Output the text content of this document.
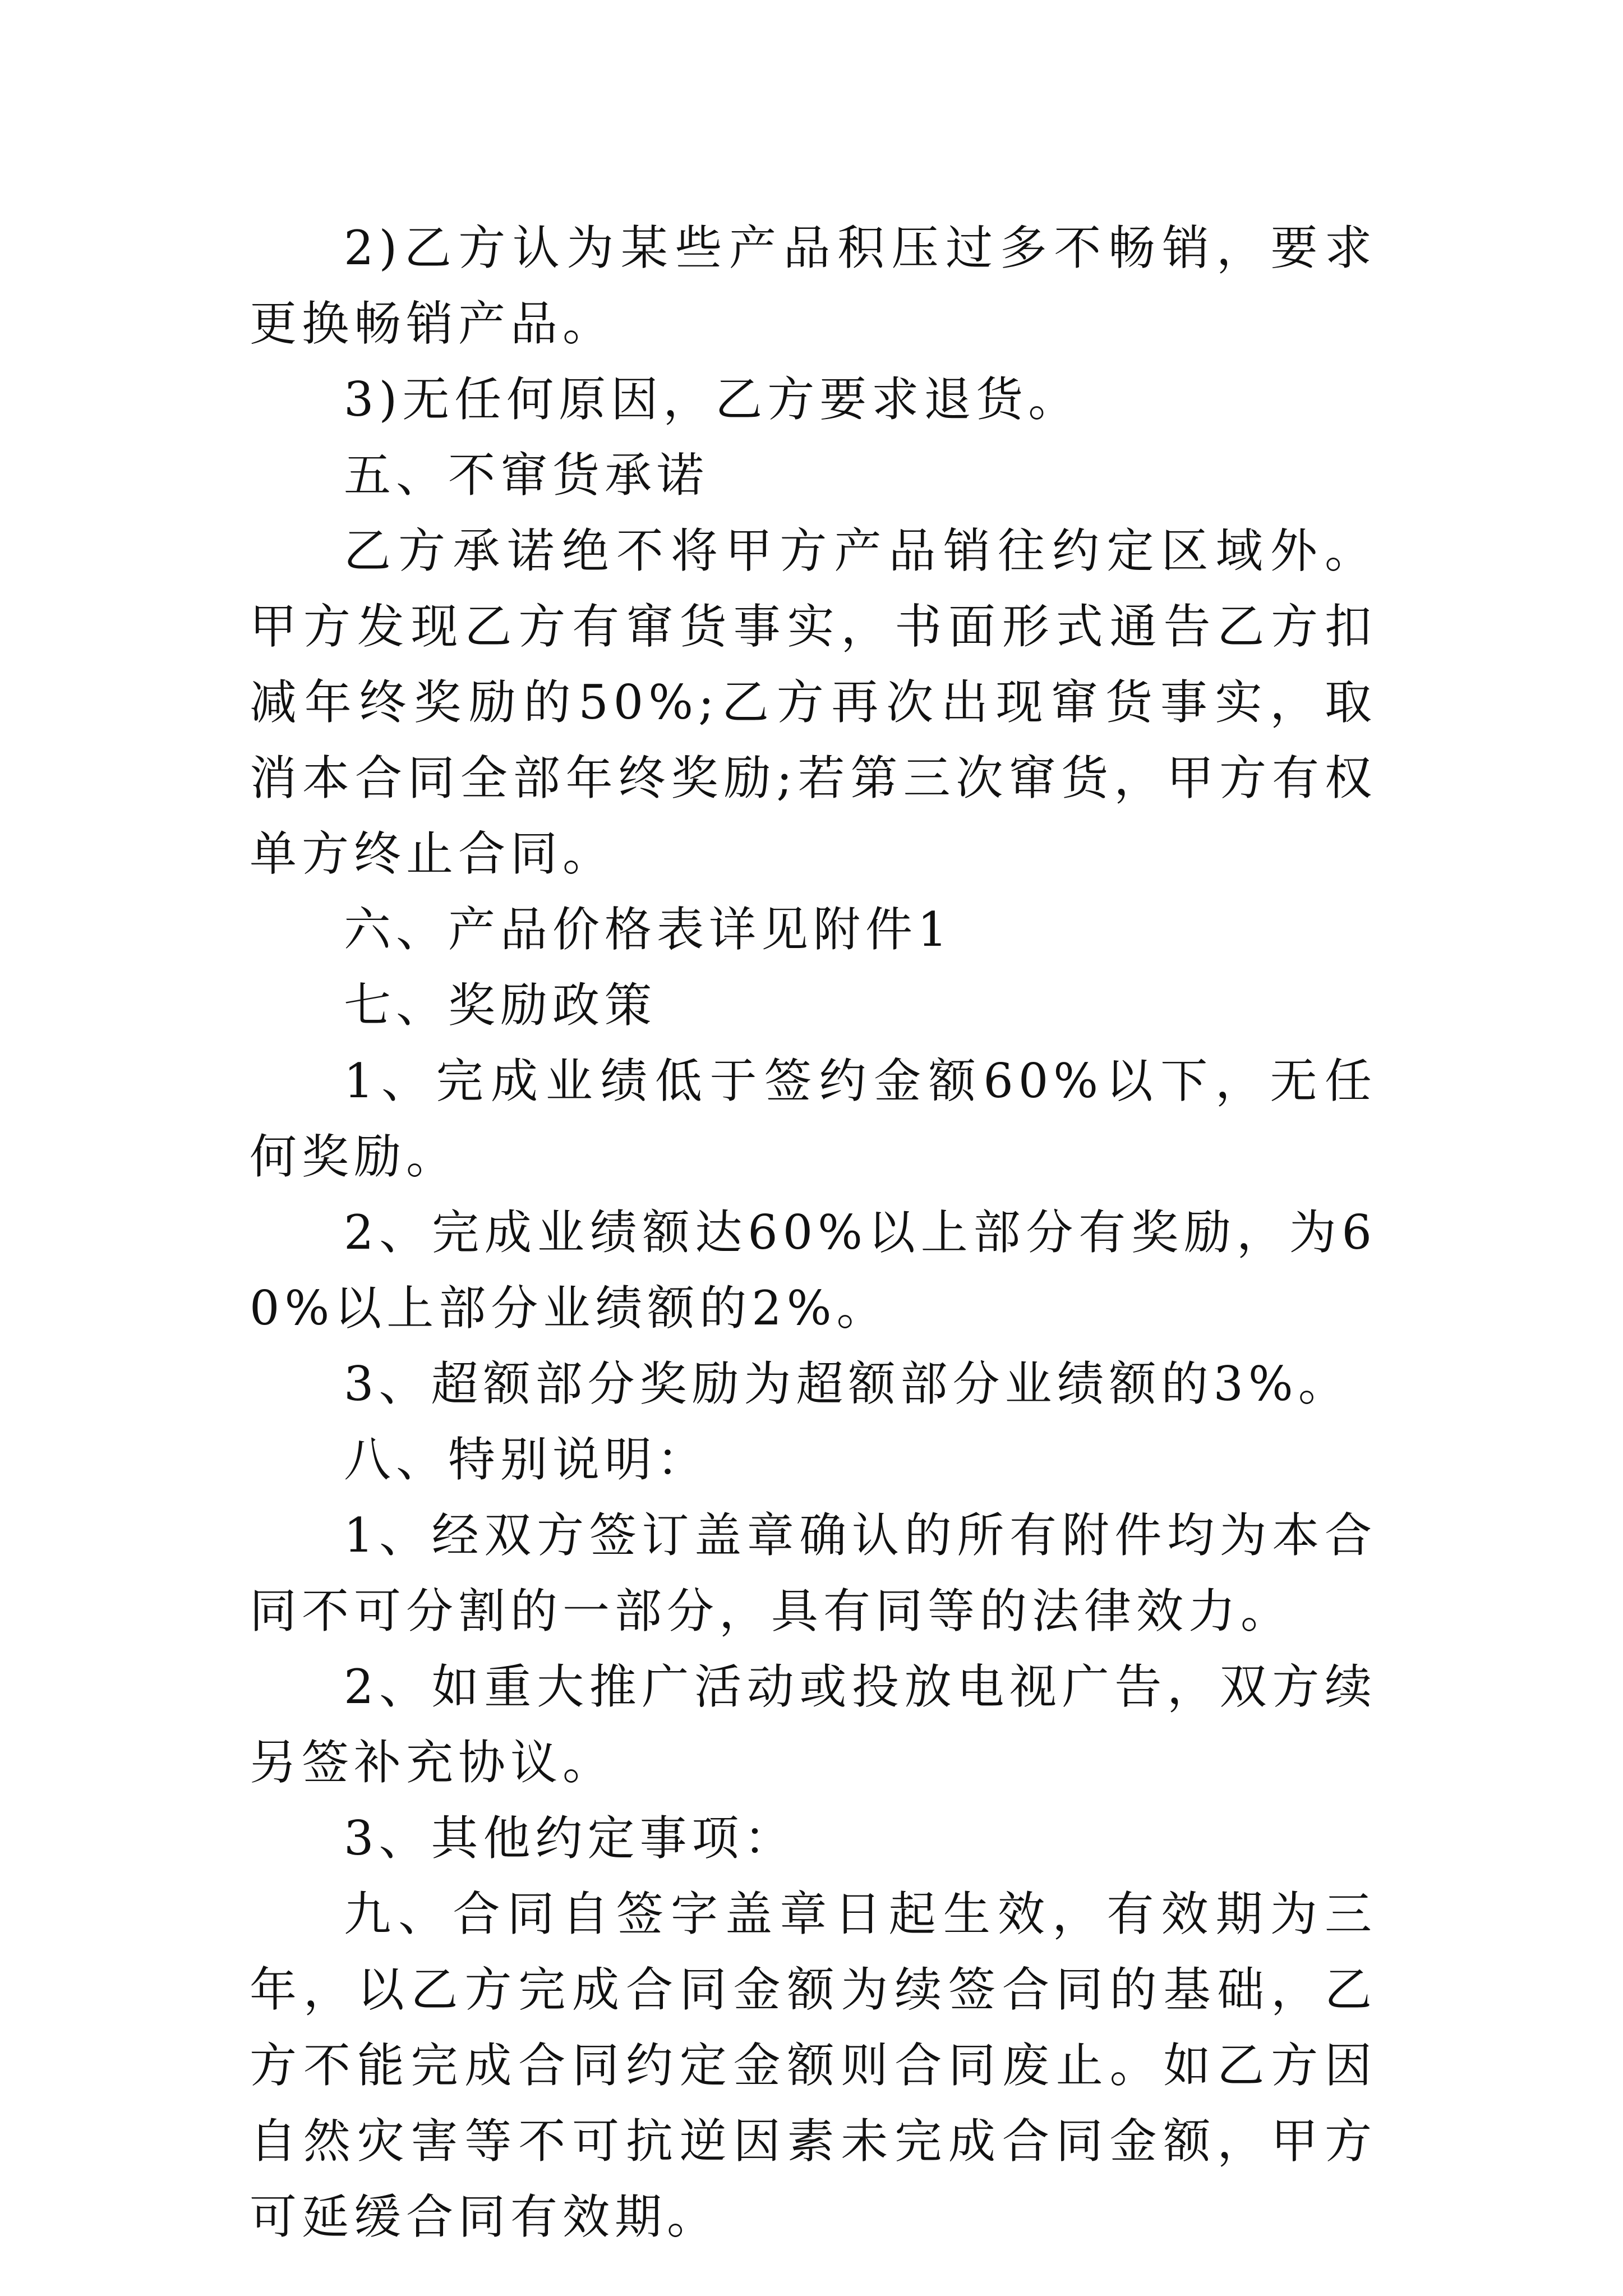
2)乙方认为某些产品积压过多不畅销，要求更换畅销产品。

3)无任何原因，乙方要求退货。

五、不窜货承诺

乙方承诺绝不将甲方产品销往约定区域外。甲方发现乙方有窜货事实，书面形式通告乙方扣减年终奖励的50%;乙方再次出现窜货事实，取消本合同全部年终奖励;若第三次窜货，甲方有权单方终止合同。

六、产品价格表详见附件1

七、奖励政策

1、完成业绩低于签约金额60%以下，无任何奖励。

2、完成业绩额达60%以上部分有奖励，为60%以上部分业绩额的2%。

3、超额部分奖励为超额部分业绩额的3%。

八、特别说明：

1、经双方签订盖章确认的所有附件均为本合同不可分割的一部分，具有同等的法律效力。

2、如重大推广活动或投放电视广告，双方续另签补充协议。

3、其他约定事项：

九、合同自签字盖章日起生效，有效期为三年，以乙方完成合同金额为续签合同的基础，乙方不能完成合同约定金额则合同废止。如乙方因自然灾害等不可抗逆因素未完成合同金额，甲方可延缓合同有效期。
